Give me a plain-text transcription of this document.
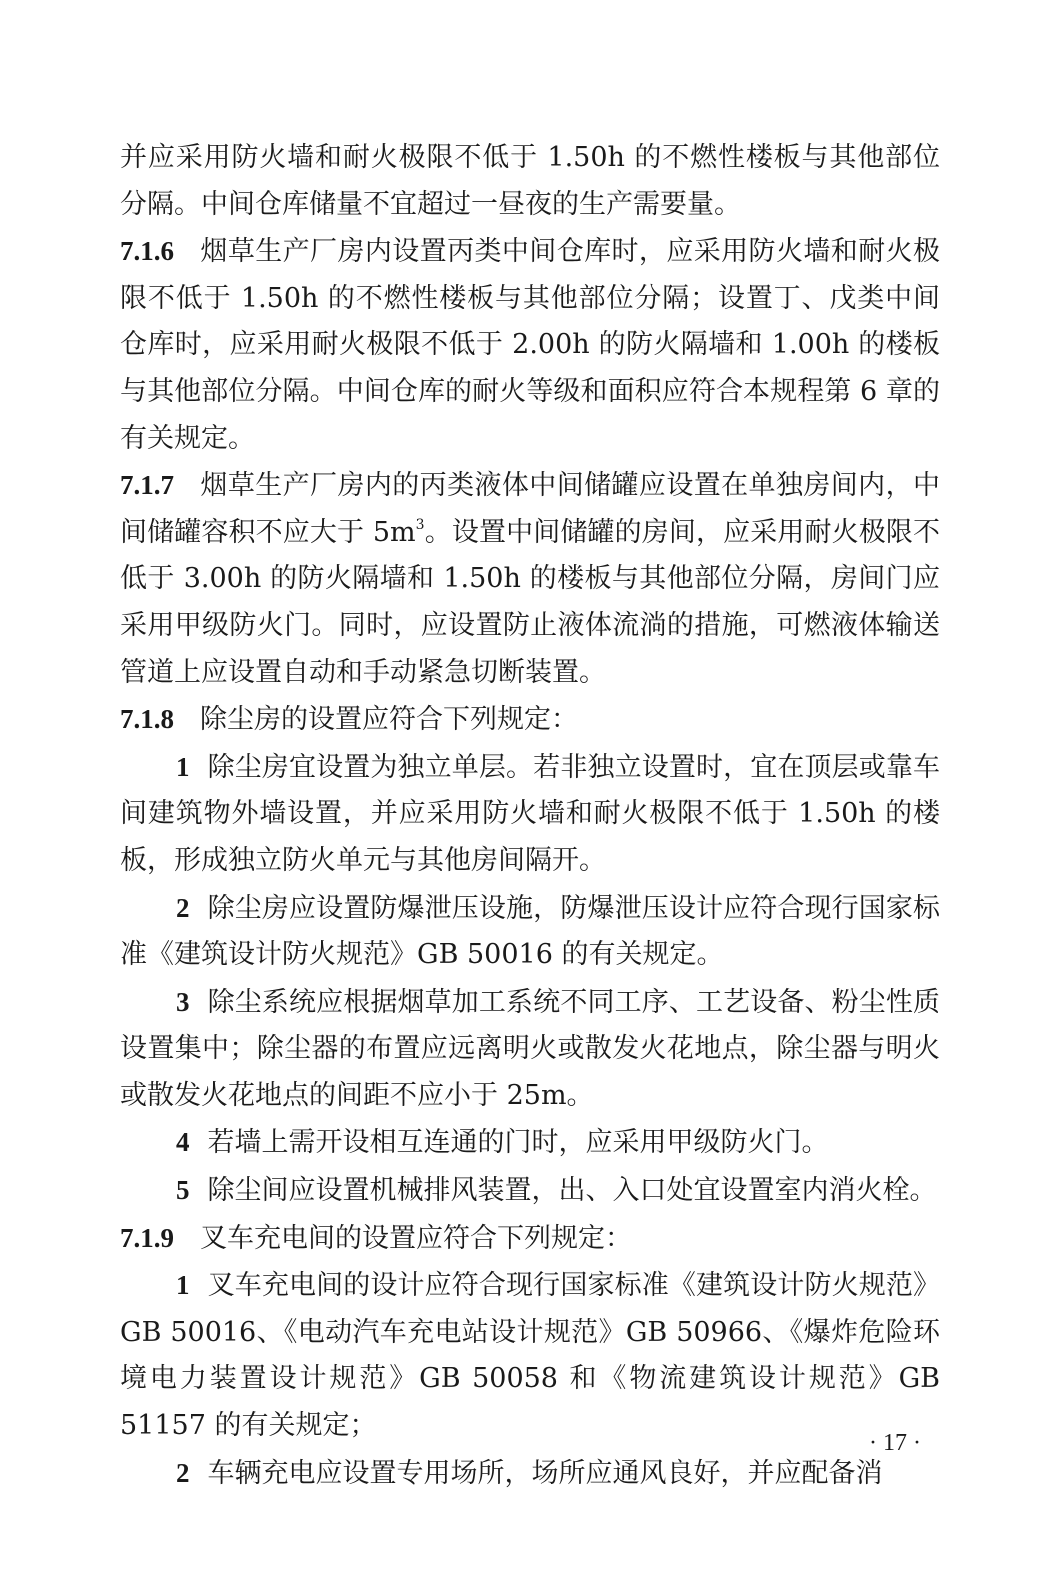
并应采用防火墙和耐火极限不低于 1.50h 的不燃性楼板与其他部位分隔。中间仓库储量不宜超过一昼夜的生产需要量。

7.1.6 烟草生产厂房内设置丙类中间仓库时，应采用防火墙和耐火极限不低于 1.50h 的不燃性楼板与其他部位分隔；设置丁、戊类中间仓库时，应采用耐火极限不低于 2.00h 的防火隔墙和 1.00h 的楼板与其他部位分隔。中间仓库的耐火等级和面积应符合本规程第 6 章的有关规定。

7.1.7 烟草生产厂房内的丙类液体中间储罐应设置在单独房间内，中间储罐容积不应大于 $5m^3$。设置中间储罐的房间，应采用耐火极限不低于 3.00h 的防火隔墙和 1.50h 的楼板与其他部位分隔，房间门应采用甲级防火门。同时，应设置防止液体流淌的措施，可燃液体输送管道上应设置自动和手动紧急切断装置。

7.1.8 除尘房的设置应符合下列规定：

1 除尘房宜设置为独立单层。若非独立设置时，宜在顶层或靠车间建筑物外墙设置，并应采用防火墙和耐火极限不低于 1.50h 的楼板，形成独立防火单元与其他房间隔开。

2 除尘房应设置防爆泄压设施，防爆泄压设计应符合现行国家标准《建筑设计防火规范》GB 50016 的有关规定。

3 除尘系统应根据烟草加工系统不同工序、工艺设备、粉尘性质设置集中；除尘器的布置应远离明火或散发火花地点，除尘器与明火或散发火花地点的间距不应小于 25m。

4 若墙上需开设相互连通的门时，应采用甲级防火门。

5 除尘间应设置机械排风装置，出、入口处宜设置室内消火栓。

7.1.9 叉车充电间的设置应符合下列规定：

1 叉车充电间的设计应符合现行国家标准《建筑设计防火规范》GB 50016、《电动汽车充电站设计规范》GB 50966、《爆炸危险环境电力装置设计规范》GB 50058 和《物流建筑设计规范》GB 51157 的有关规定；

2 车辆充电应设置专用场所，场所应通风良好，并应配备消

· 17 ·
